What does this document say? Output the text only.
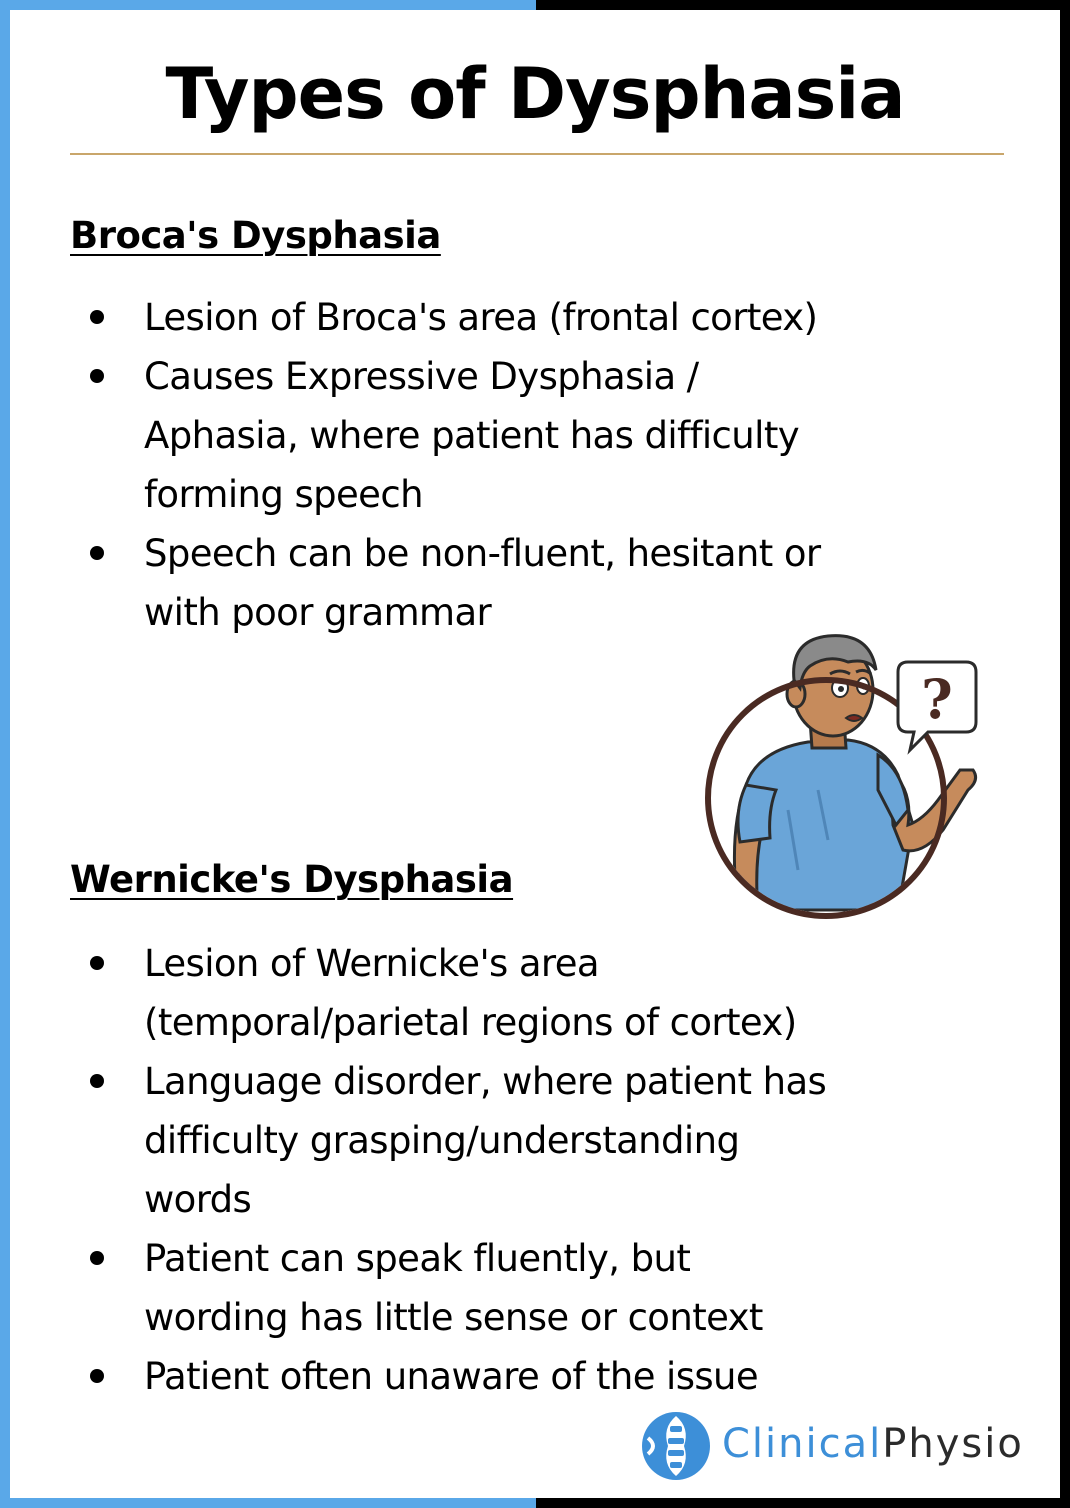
Types of Dysphasia
Broca's Dysphasia
Lesion of Broca's area (frontal cortex)
Causes Expressive Dysphasia / Aphasia, where patient has difficulty forming speech
Speech can be non-fluent, hesitant or with poor grammar
?
Wernicke's Dysphasia
Lesion of Wernicke's area (temporal/parietal regions of cortex)
Language disorder, where patient has difficulty grasping/understanding words
Patient can speak fluently, but wording has little sense or context
Patient often unaware of the issue
ClinicalPhysio
